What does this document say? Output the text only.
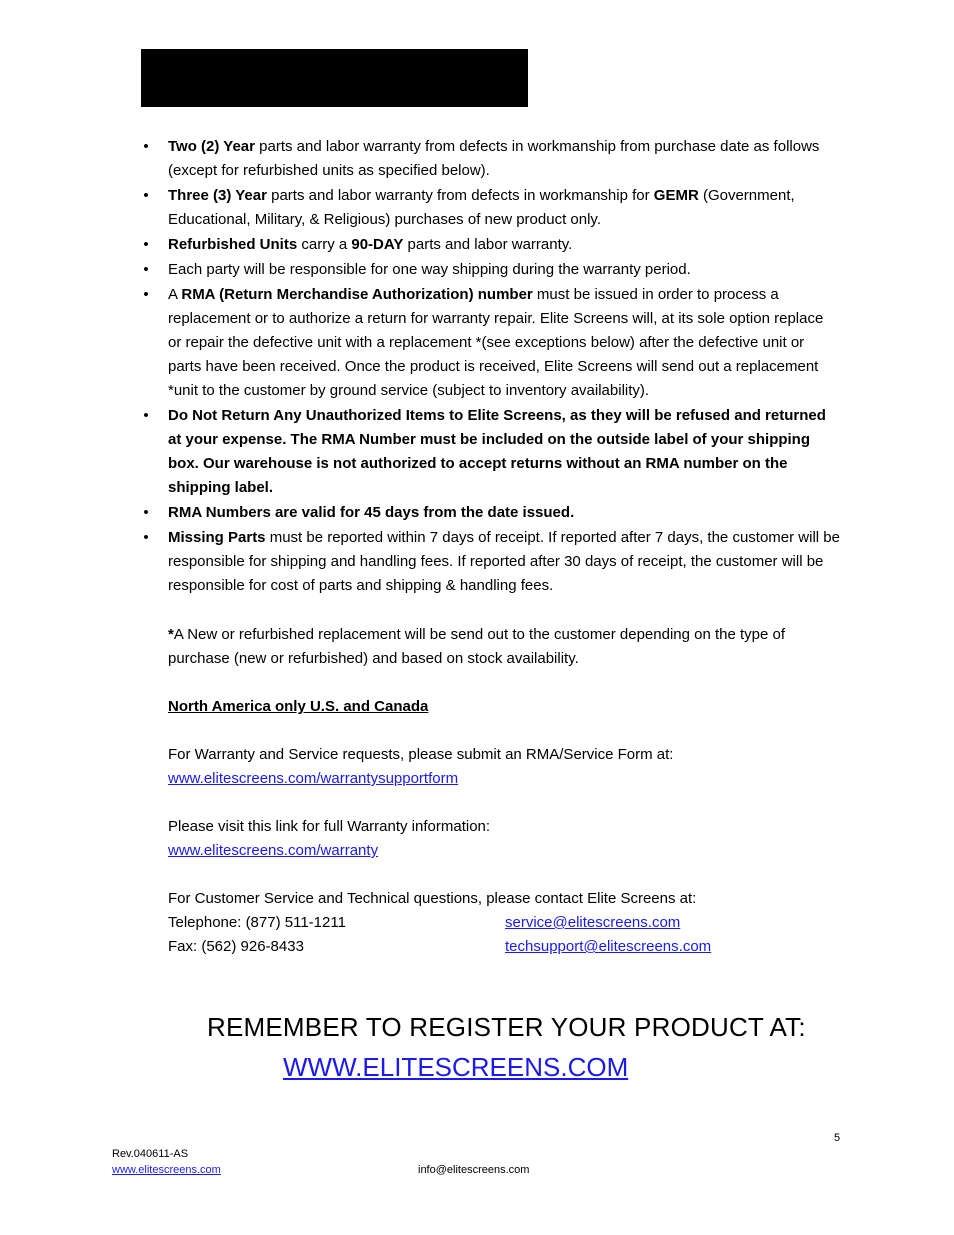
• Two (2) Year parts and labor warranty from defects in workmanship from purchase date as follows (except for refurbished units as specified below).
• Three (3) Year parts and labor warranty from defects in workmanship for GEMR (Government, Educational, Military, & Religious) purchases of new product only.
• Refurbished Units carry a 90-DAY parts and labor warranty.
• Each party will be responsible for one way shipping during the warranty period.
• A RMA (Return Merchandise Authorization) number must be issued in order to process a replacement or to authorize a return for warranty repair. Elite Screens will, at its sole option replace or repair the defective unit with a replacement *(see exceptions below) after the defective unit or parts have been received. Once the product is received, Elite Screens will send out a replacement *unit to the customer by ground service (subject to inventory availability).
• Do Not Return Any Unauthorized Items to Elite Screens, as they will be refused and returned at your expense. The RMA Number must be included on the outside label of your shipping box. Our warehouse is not authorized to accept returns without an RMA number on the shipping label.
• RMA Numbers are valid for 45 days from the date issued.
• Missing Parts must be reported within 7 days of receipt. If reported after 7 days, the customer will be responsible for shipping and handling fees. If reported after 30 days of receipt, the customer will be responsible for cost of parts and shipping & handling fees.
*A New or refurbished replacement will be send out to the customer depending on the type of purchase (new or refurbished) and based on stock availability.
North America only U.S. and Canada
For Warranty and Service requests, please submit an RMA/Service Form at:
www.elitescreens.com/warrantysupportform
Please visit this link for full Warranty information:
www.elitescreens.com/warranty
For Customer Service and Technical questions, please contact Elite Screens at:
Telephone: (877) 511-1211	service@elitescreens.com
Fax: (562) 926-8433	techsupport@elitescreens.com
REMEMBER TO REGISTER YOUR PRODUCT AT:
WWW.ELITESCREENS.COM
5
Rev.040611-AS
www.elitescreens.com	info@elitescreens.com
